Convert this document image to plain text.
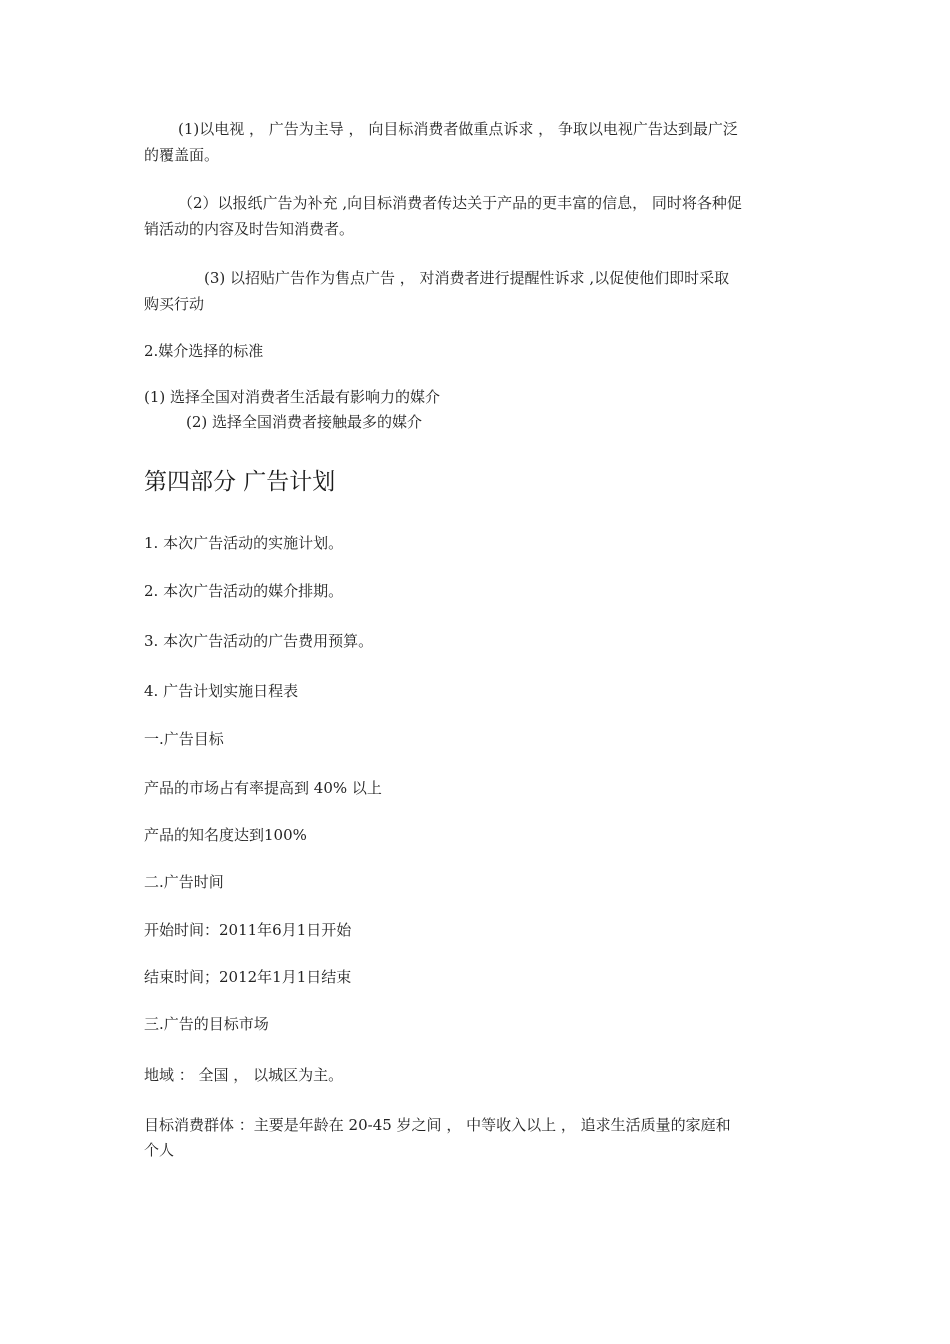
(1)以电视 ， 广告为主导 ， 向目标消费者做重点诉求 ， 争取以电视广告达到最广泛
的覆盖面。
（2）以报纸广告为补充 ,向目标消费者传达关于产品的更丰富的信息， 同时将各种促
销活动的内容及时告知消费者。
(3) 以招贴广告作为售点广告 ， 对消费者进行提醒性诉求 ,以促使他们即时采取
购买行动
2.媒介选择的标准
(1) 选择全国对消费者生活最有影响力的媒介
(2) 选择全国消费者接触最多的媒介
第四部分 广告计划
1. 本次广告活动的实施计划。
2. 本次广告活动的媒介排期。
3. 本次广告活动的广告费用预算。
4. 广告计划实施日程表
一.广告目标
产品的市场占有率提高到 40% 以上
产品的知名度达到100%
二.广告时间
开始时间：2011年6月1日开始
结束时间；2012年1月1日结束
三.广告的目标市场
地域 ： 全国 ， 以城区为主。
目标消费群体 ：主要是年龄在 20-45 岁之间 ， 中等收入以上 ， 追求生活质量的家庭和
个人
